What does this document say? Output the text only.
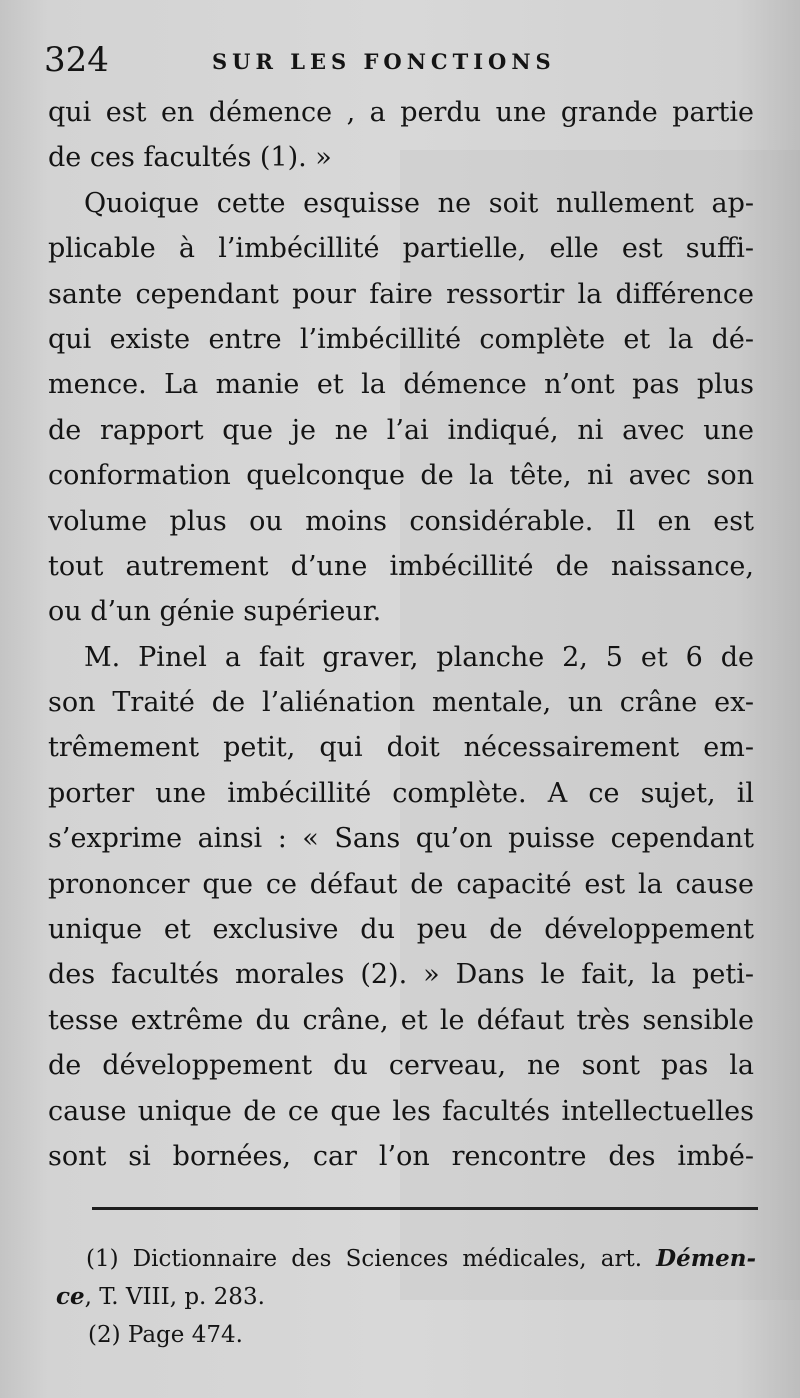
324	SUR LES FONCTIONS
qui est en démence , a perdu une grande partie
de ces facultés (1). »
Quoique cette esquisse ne soit nullement ap-
plicable à l’imbécillité partielle, elle est suffi-
sante cependant pour faire ressortir la différence
qui existe entre l’imbécillité complète et la dé-
mence. La manie et la démence n’ont pas plus
de rapport que je ne l’ai indiqué, ni avec une
conformation quelconque de la tête, ni avec son
volume plus ou moins considérable. Il en est
tout autrement d’une imbécillité de naissance,
ou d’un génie supérieur.
M. Pinel a fait graver, planche 2, 5 et 6 de
son Traité de l’aliénation mentale, un crâne ex-
trêmement petit, qui doit nécessairement em-
porter une imbécillité complète. A ce sujet, il
s’exprime ainsi : « Sans qu’on puisse cependant
prononcer que ce défaut de capacité est la cause
unique et exclusive du peu de développement
des facultés morales (2). » Dans le fait, la peti-
tesse extrême du crâne, et le défaut très sensible
de développement du cerveau, ne sont pas la
cause unique de ce que les facultés intellectuelles
sont si bornées, car l’on rencontre des imbé-
(1) Dictionnaire des Sciences médicales, art. Démen-
ce, T. VIII, p. 283.
(2) Page 474.
